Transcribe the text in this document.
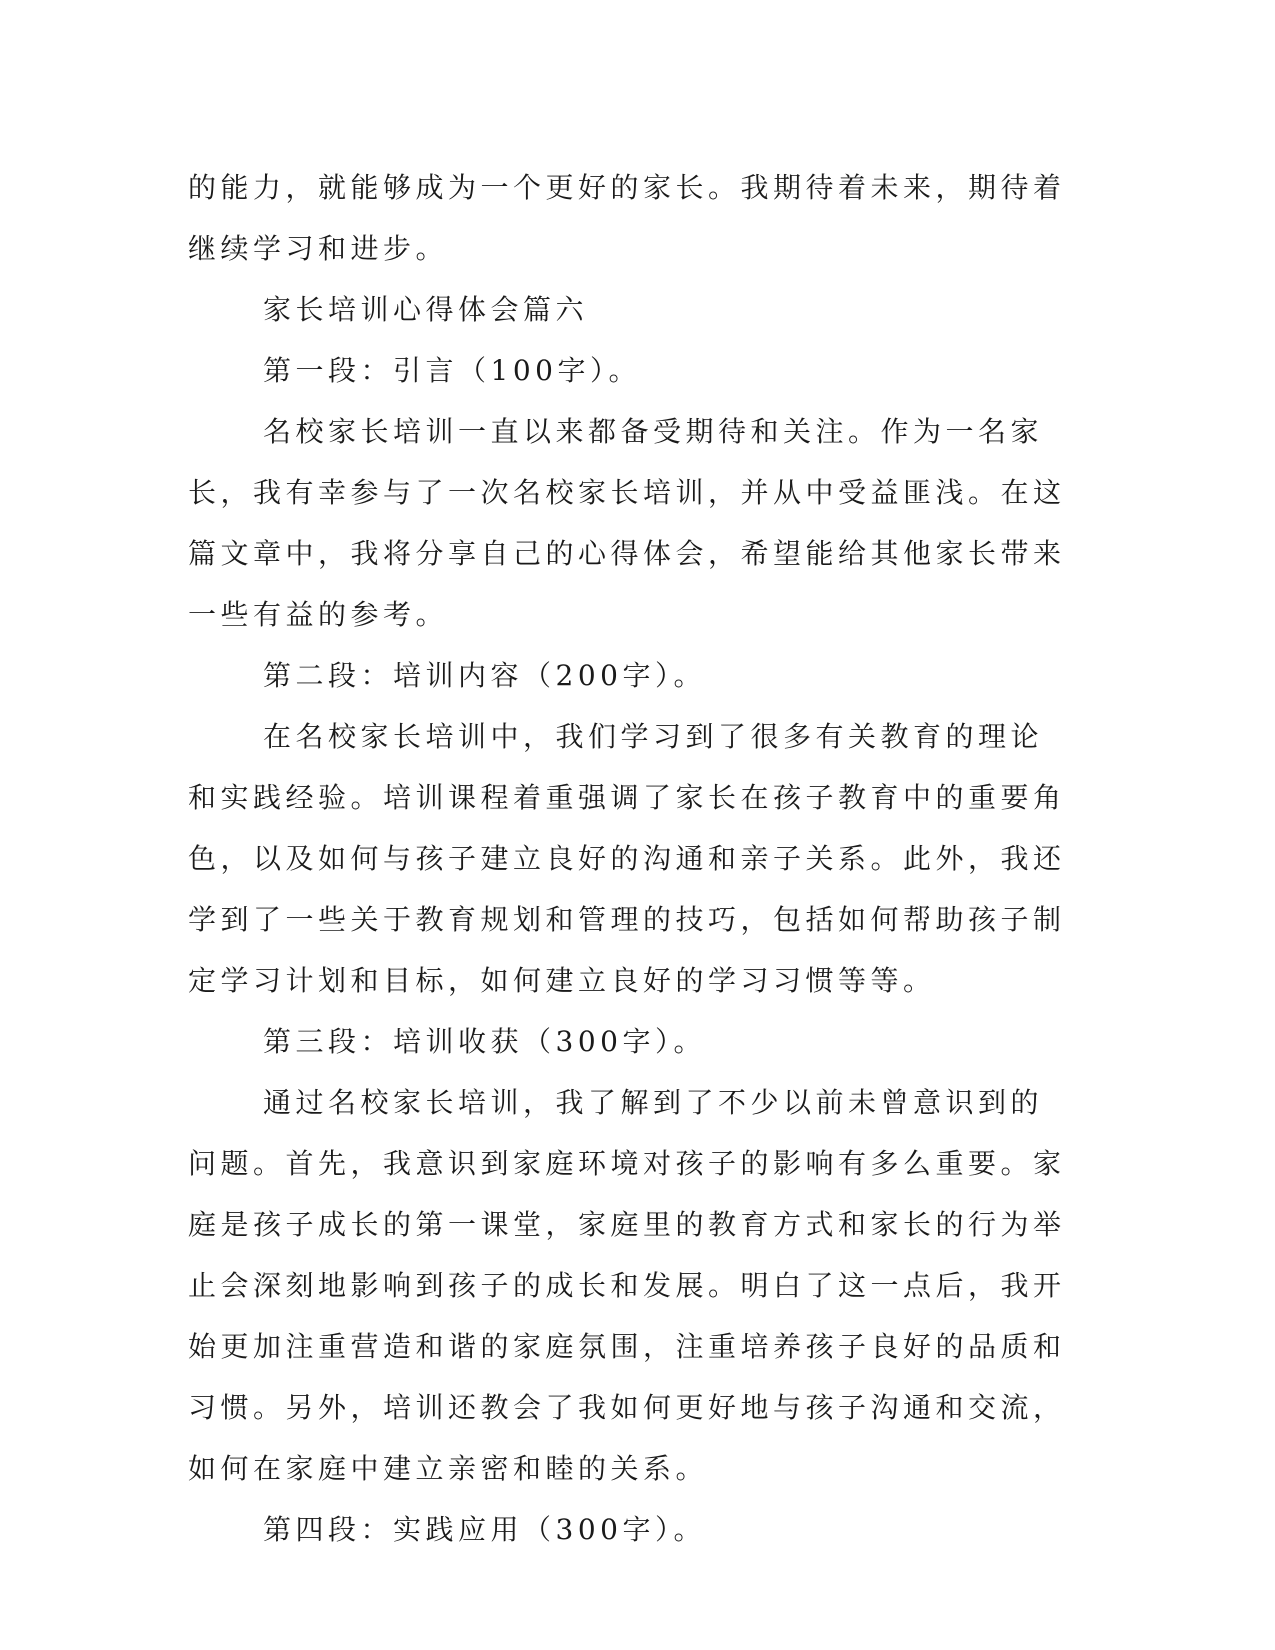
的能力，就能够成为一个更好的家长。我期待着未来，期待着继续学习和进步。

家长培训心得体会篇六

第一段：引言（100字）。

名校家长培训一直以来都备受期待和关注。作为一名家长，我有幸参与了一次名校家长培训，并从中受益匪浅。在这篇文章中，我将分享自己的心得体会，希望能给其他家长带来一些有益的参考。

第二段：培训内容（200字）。

在名校家长培训中，我们学习到了很多有关教育的理论和实践经验。培训课程着重强调了家长在孩子教育中的重要角色，以及如何与孩子建立良好的沟通和亲子关系。此外，我还学到了一些关于教育规划和管理的技巧，包括如何帮助孩子制定学习计划和目标，如何建立良好的学习习惯等等。

第三段：培训收获（300字）。

通过名校家长培训，我了解到了不少以前未曾意识到的问题。首先，我意识到家庭环境对孩子的影响有多么重要。家庭是孩子成长的第一课堂，家庭里的教育方式和家长的行为举止会深刻地影响到孩子的成长和发展。明白了这一点后，我开始更加注重营造和谐的家庭氛围，注重培养孩子良好的品质和习惯。另外，培训还教会了我如何更好地与孩子沟通和交流，如何在家庭中建立亲密和睦的关系。

第四段：实践应用（300字）。
